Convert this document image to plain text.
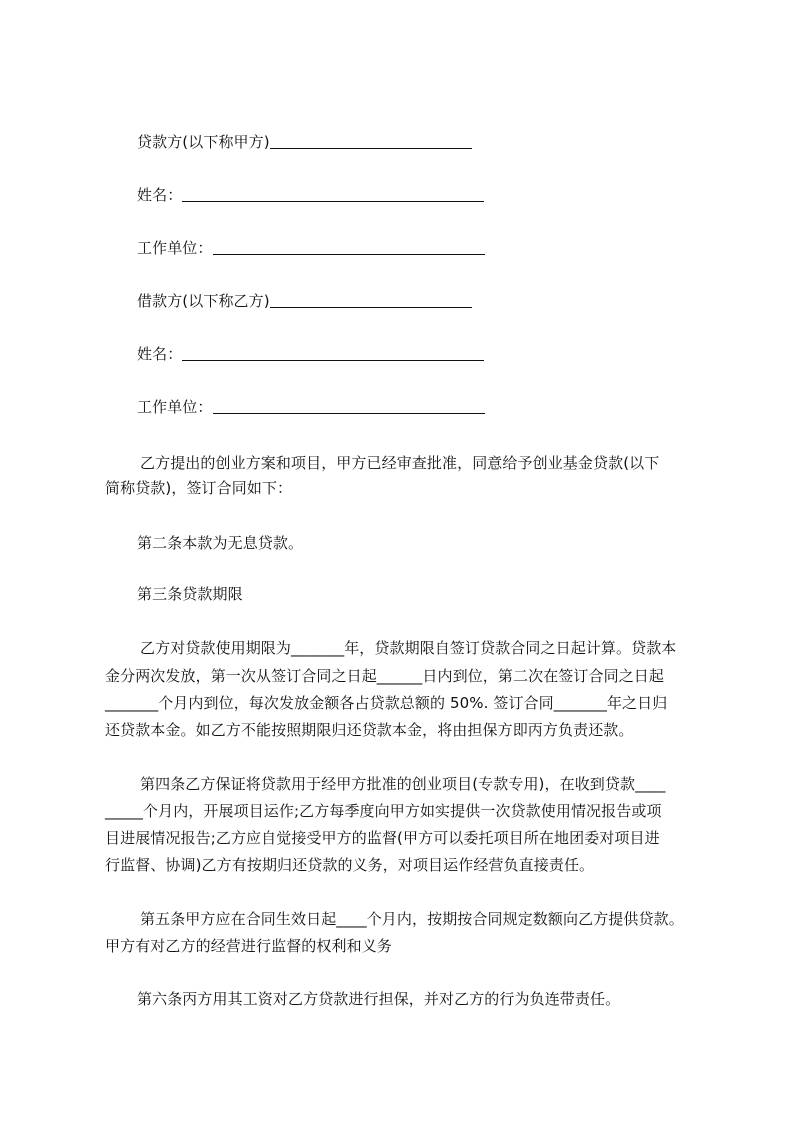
贷款方(以下称甲方)
姓名：
工作单位：
借款方(以下称乙方)
姓名：
工作单位：
乙方提出的创业方案和项目，甲方已经审查批准，同意给予创业基金贷款(以下
简称贷款)，签订合同如下：
第二条本款为无息贷款。
第三条贷款期限
乙方对贷款使用期限为_______年，贷款期限自签订贷款合同之日起计算。贷款本
金分两次发放，第一次从签订合同之日起______日内到位，第二次在签订合同之日起
_______个月内到位，每次发放金额各占贷款总额的 50%. 签订合同_______年之日归
还贷款本金。如乙方不能按照期限归还贷款本金，将由担保方即丙方负责还款。
第四条乙方保证将贷款用于经甲方批准的创业项目(专款专用)，在收到贷款____
_____个月内，开展项目运作;乙方每季度向甲方如实提供一次贷款使用情况报告或项
目进展情况报告;乙方应自觉接受甲方的监督(甲方可以委托项目所在地团委对项目进
行监督、协调)乙方有按期归还贷款的义务，对项目运作经营负直接责任。
第五条甲方应在合同生效日起____个月内，按期按合同规定数额向乙方提供贷款。
甲方有对乙方的经营进行监督的权利和义务
第六条丙方用其工资对乙方贷款进行担保，并对乙方的行为负连带责任。
